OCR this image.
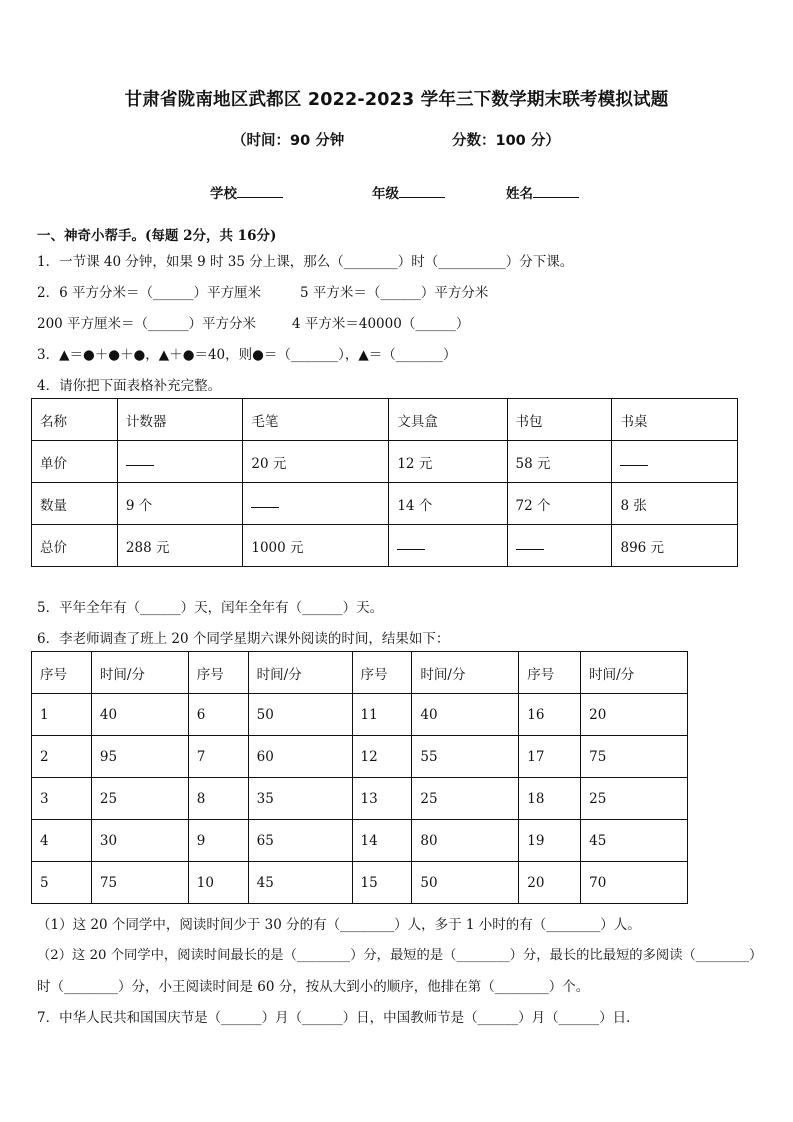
甘肃省陇南地区武都区 2022-2023 学年三下数学期末联考模拟试题
（时间：90 分钟	分数：100 分）
学校	年级	姓名
一、神奇小帮手。(每题 2分，共 16分)
1．一节课 40 分钟，如果 9 时 35 分上课，那么（________）时（__________）分下课。
2．6 平方分米＝（______）平方厘米	5 平方米＝（______）平方分米
200 平方厘米＝（______）平方分米	4 平方米＝40000（______）
3．▲＝●＋●＋●，▲＋●＝40，则●＝（_______），▲＝（_______）
4．请你把下面表格补充完整。
名称	计数器	毛笔	文具盒	书包	书桌
单价		20 元	12 元	58 元	
数量	9 个		14 个	72 个	8 张
总价	288 元	1000 元			896 元
5．平年全年有（______）天，闰年全年有（______）天。
6．李老师调查了班上 20 个同学星期六课外阅读的时间，结果如下：
序号	时间/分	序号	时间/分	序号	时间/分	序号	时间/分
1	40	6	50	11	40	16	20
2	95	7	60	12	55	17	75
3	25	8	35	13	25	18	25
4	30	9	65	14	80	19	45
5	75	10	45	15	50	20	70
（1）这 20 个同学中，阅读时间少于 30 分的有（________）人，多于 1 小时的有（________）人。
（2）这 20 个同学中，阅读时间最长的是（________）分，最短的是（________）分，最长的比最短的多阅读（________）
时（________）分，小王阅读时间是 60 分，按从大到小的顺序，他排在第（________）个。
7．中华人民共和国国庆节是（______）月（______）日，中国教师节是（______）月（______）日．
